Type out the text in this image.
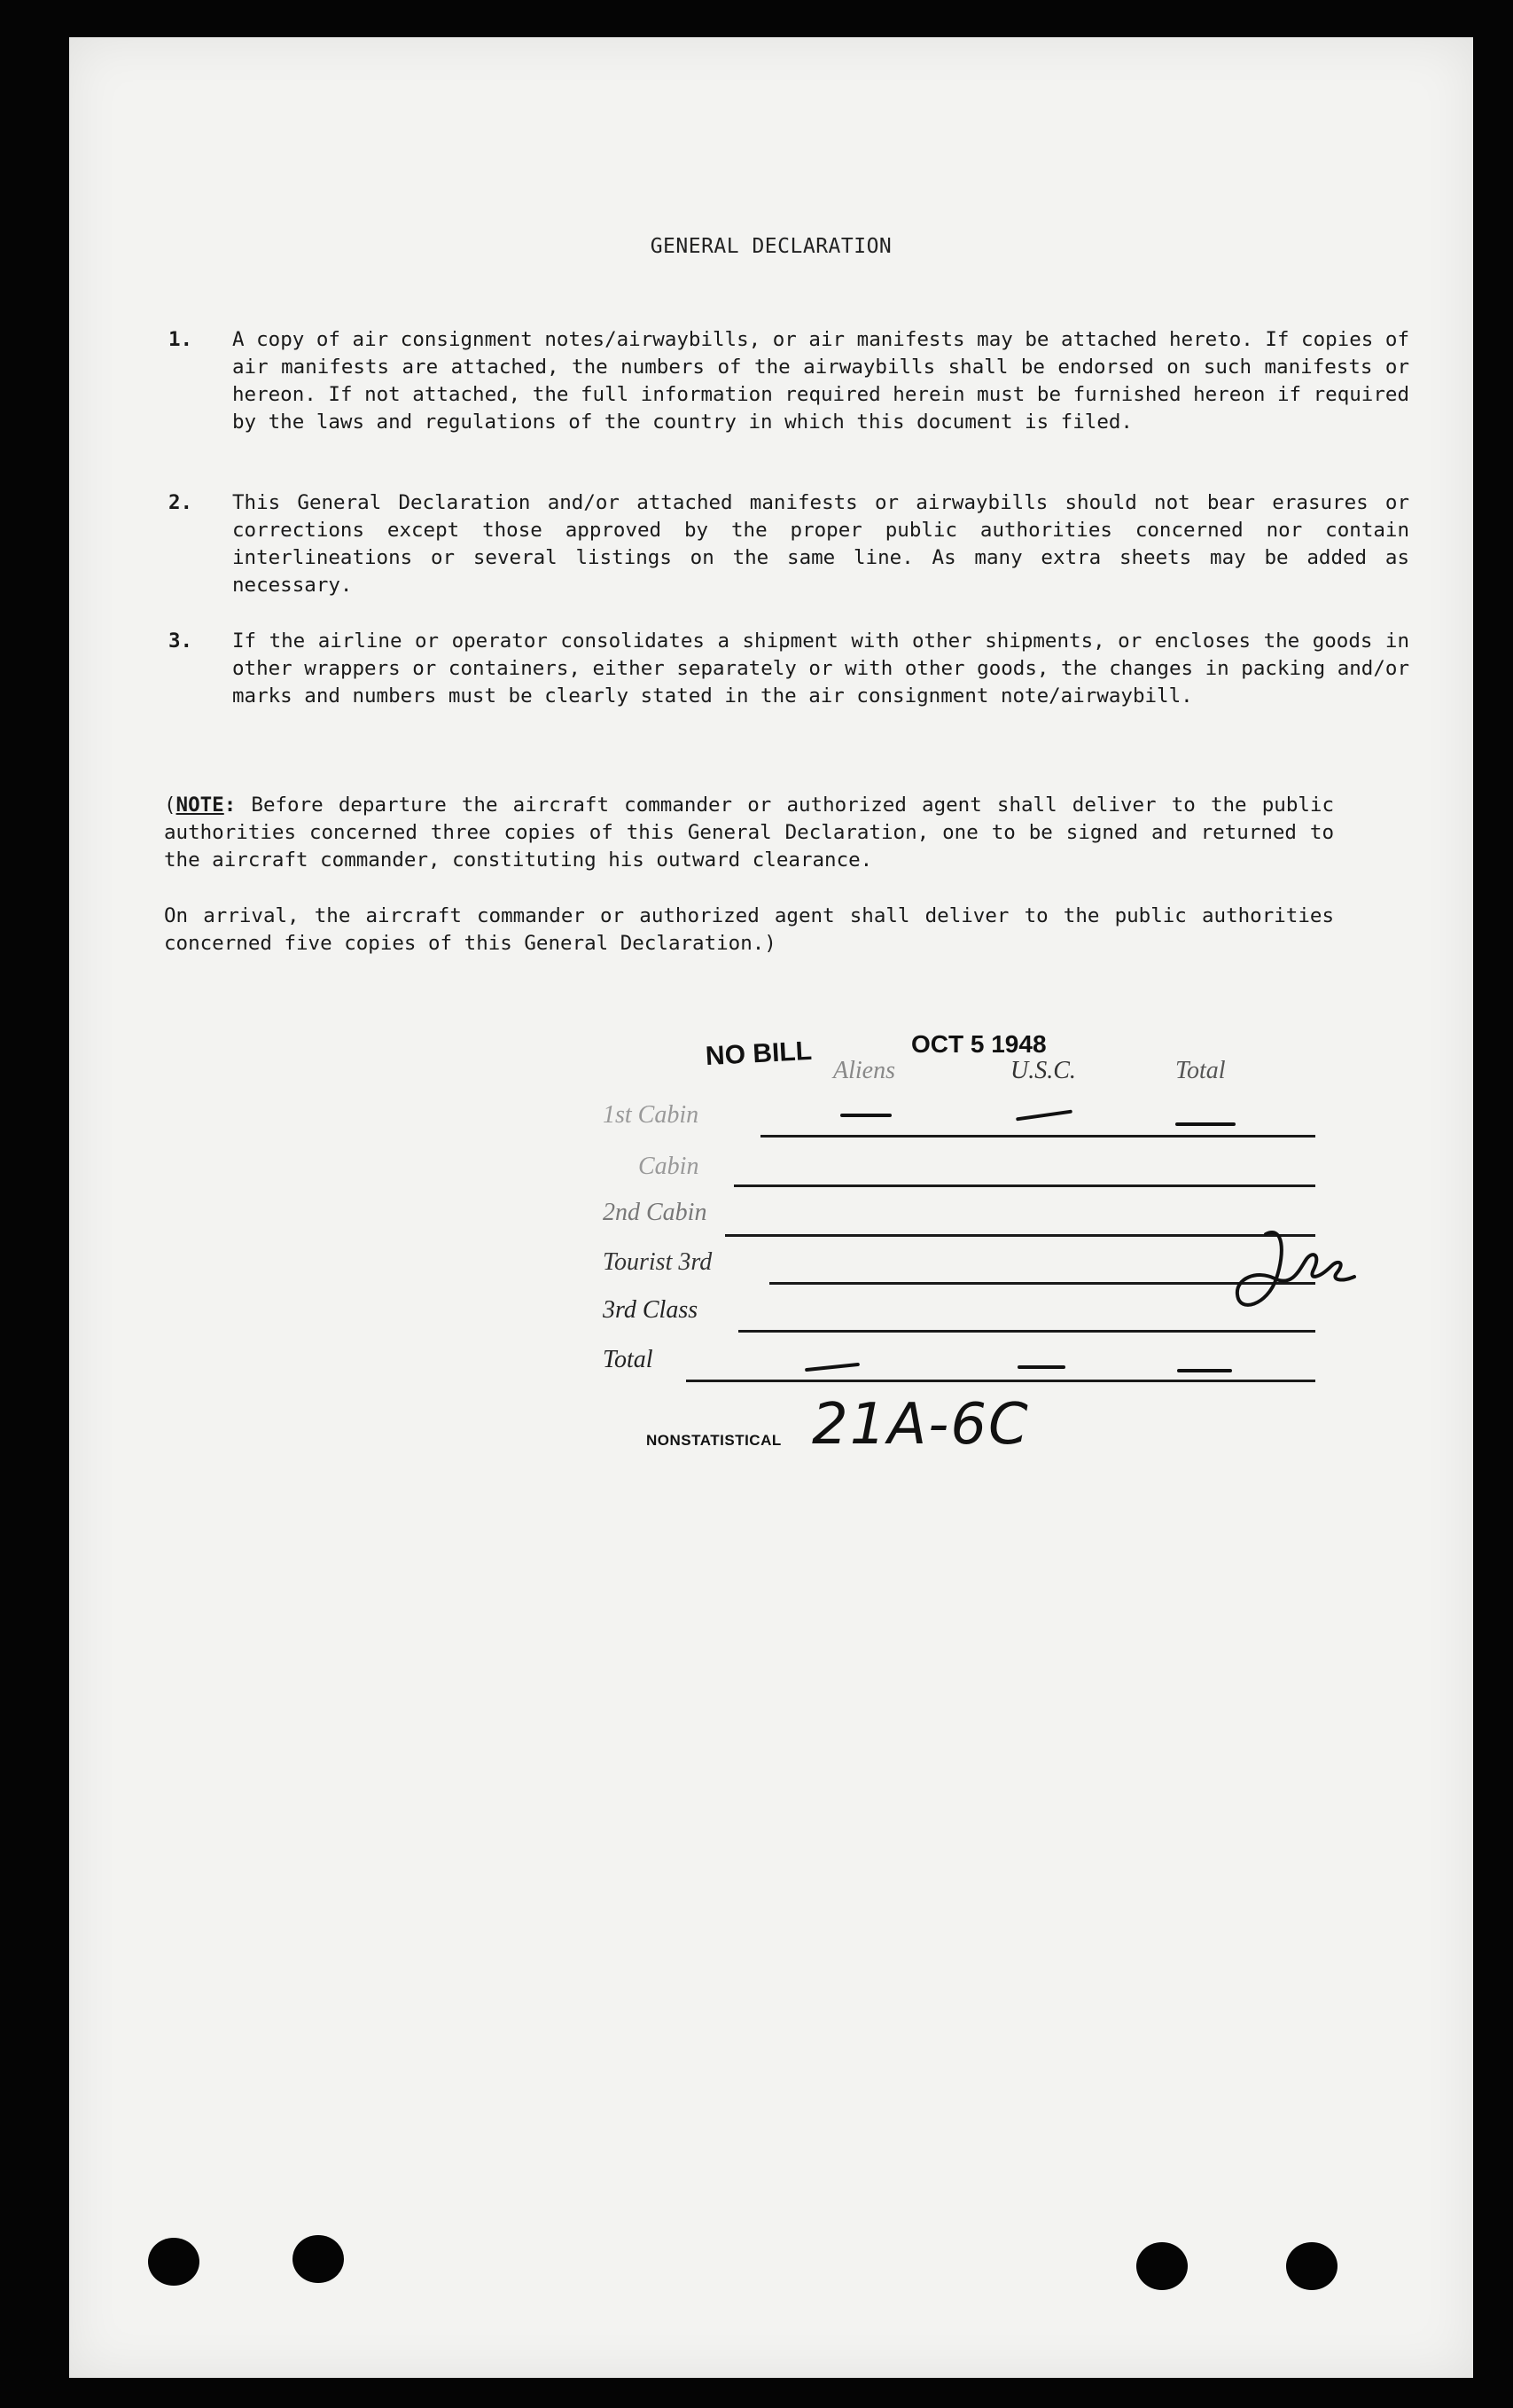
GENERAL DECLARATION
1. A copy of air consignment notes/airwaybills, or air manifests may be attached hereto. If copies of air manifests are attached, the numbers of the airwaybills shall be endorsed on such manifests or hereon. If not attached, the full information required herein must be furnished hereon if required by the laws and regulations of the country in which this document is filed.
2. This General Declaration and/or attached manifests or airwaybills should not bear erasures or corrections except those approved by the proper public authorities concerned nor contain interlineations or several listings on the same line. As many extra sheets may be added as necessary.
3. If the airline or operator consolidates a shipment with other shipments, or encloses the goods in other wrappers or containers, either separately or with other goods, the changes in packing and/or marks and numbers must be clearly stated in the air consignment note/airwaybill.
(NOTE: Before departure the aircraft commander or authorized agent shall deliver to the public authorities concerned three copies of this General Declaration, one to be signed and returned to the aircraft commander, constituting his outward clearance.
On arrival, the aircraft commander or authorized agent shall deliver to the public authorities concerned five copies of this General Declaration.)
NO BILL	OCT 5 1948
Aliens	U.S.C.	Total
1st Cabin
Cabin
2nd Cabin
Tourist 3rd
3rd Class
Total
NONSTATISTICAL 21A-6C
